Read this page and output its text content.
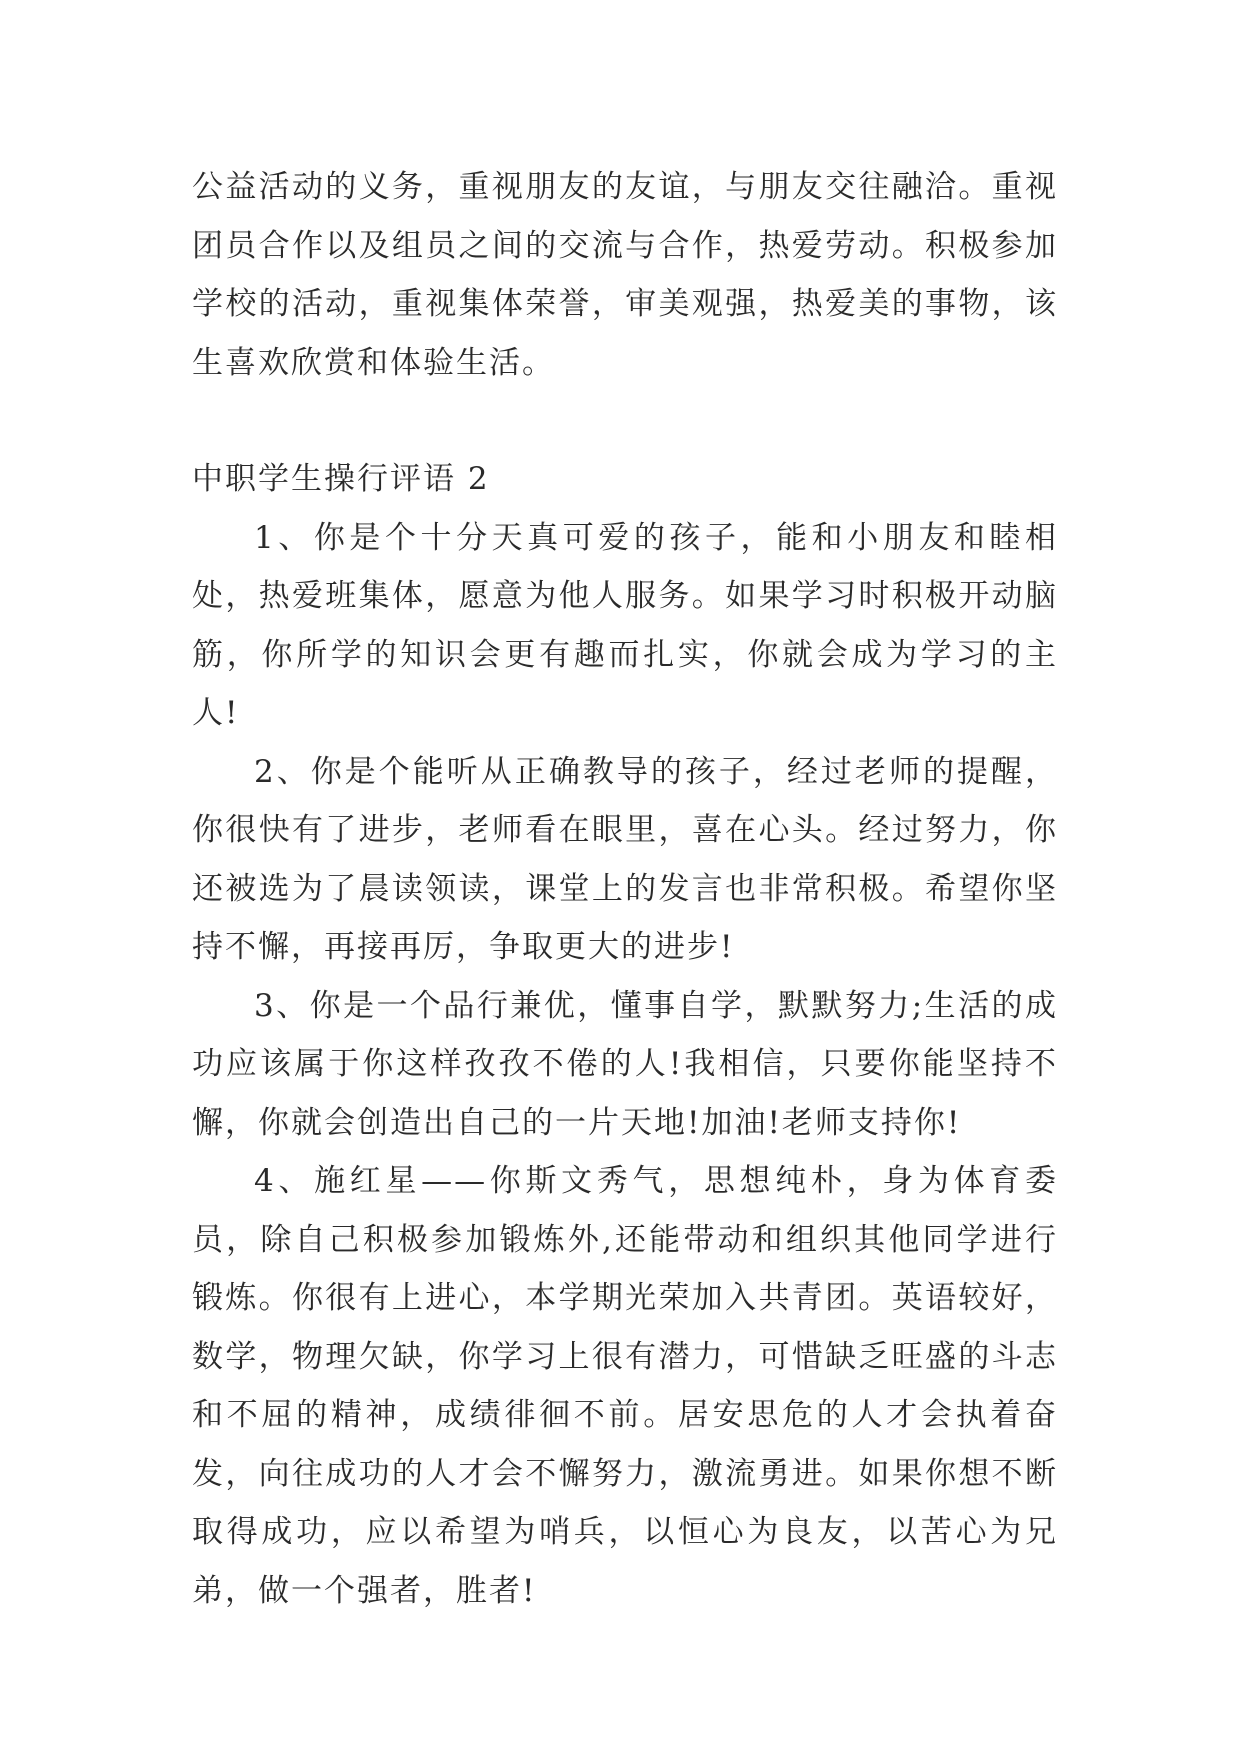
公益活动的义务，重视朋友的友谊，与朋友交往融洽。重视团员合作以及组员之间的交流与合作，热爱劳动。积极参加学校的活动，重视集体荣誉，审美观强，热爱美的事物，该生喜欢欣赏和体验生活。

中职学生操行评语 2

1、你是个十分天真可爱的孩子，能和小朋友和睦相处，热爱班集体，愿意为他人服务。如果学习时积极开动脑筋，你所学的知识会更有趣而扎实，你就会成为学习的主人!

2、你是个能听从正确教导的孩子，经过老师的提醒，你很快有了进步，老师看在眼里，喜在心头。经过努力，你还被选为了晨读领读，课堂上的发言也非常积极。希望你坚持不懈，再接再厉，争取更大的进步!

3、你是一个品行兼优，懂事自学，默默努力;生活的成功应该属于你这样孜孜不倦的人!我相信，只要你能坚持不懈，你就会创造出自己的一片天地!加油!老师支持你!

4、施红星——你斯文秀气，思想纯朴，身为体育委员，除自己积极参加锻炼外,还能带动和组织其他同学进行锻炼。你很有上进心，本学期光荣加入共青团。英语较好，数学，物理欠缺，你学习上很有潜力，可惜缺乏旺盛的斗志和不屈的精神，成绩徘徊不前。居安思危的人才会执着奋发，向往成功的人才会不懈努力，激流勇进。如果你想不断取得成功，应以希望为哨兵，以恒心为良友，以苦心为兄弟，做一个强者，胜者!
